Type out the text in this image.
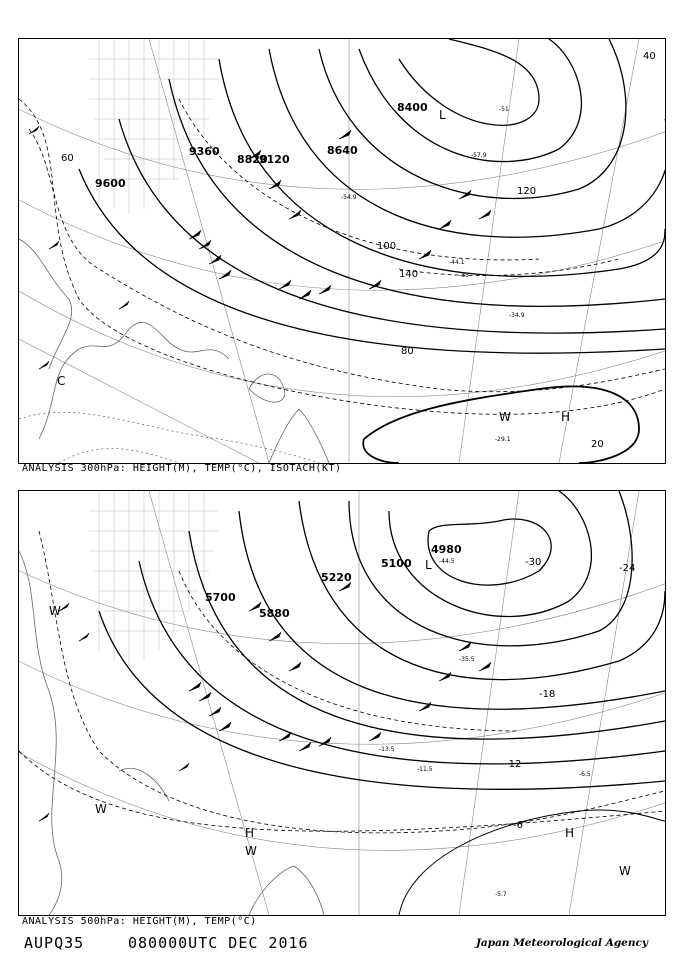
8400
8640
8820
9120
9360
9600
20
40
60
80
100
120
140
-29.1
-33
-34.9
-44.1
-51
-54.9
-57.9
L
H
W
C
ANALYSIS 300hPa: HEIGHT(M), TEMP(°C), ISOTACH(KT)
4980
5100
5220
5700
5880
-6
-12
-18
-24
-30
-5.7
-13.5
-35.5
-44.5
-6.5
-11.5
L
H
H
W
W
W
W
ANALYSIS 500hPa: HEIGHT(M), TEMP(°C)
AUPQ35	080000UTC DEC 2016	Japan Meteorological Agency
